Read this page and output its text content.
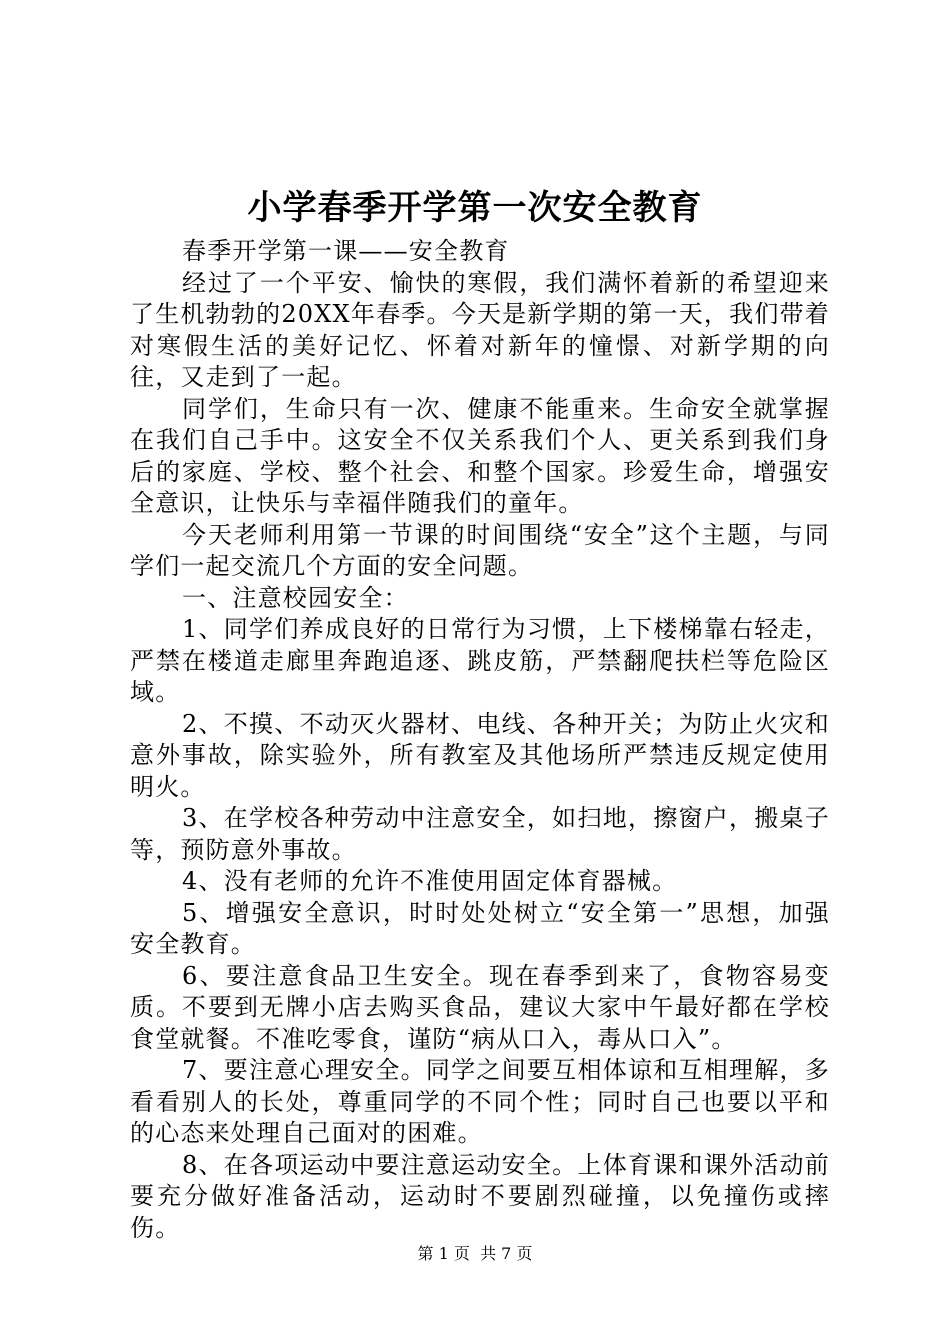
小学春季开学第一次安全教育

春季开学第一课——安全教育

经过了一个平安、愉快的寒假，我们满怀着新的希望迎来了生机勃勃的20XX年春季。今天是新学期的第一天，我们带着对寒假生活的美好记忆、怀着对新年的憧憬、对新学期的向往，又走到了一起。

同学们，生命只有一次、健康不能重来。生命安全就掌握在我们自己手中。这安全不仅关系我们个人、更关系到我们身后的家庭、学校、整个社会、和整个国家。珍爱生命，增强安全意识，让快乐与幸福伴随我们的童年。

今天老师利用第一节课的时间围绕“安全”这个主题，与同学们一起交流几个方面的安全问题。

一、注意校园安全：

1、同学们养成良好的日常行为习惯，上下楼梯靠右轻走，严禁在楼道走廊里奔跑追逐、跳皮筋，严禁翻爬扶栏等危险区域。

2、不摸、不动灭火器材、电线、各种开关；为防止火灾和意外事故，除实验外，所有教室及其他场所严禁违反规定使用明火。

3、在学校各种劳动中注意安全，如扫地，擦窗户，搬桌子等，预防意外事故。

4、没有老师的允许不准使用固定体育器械。

5、增强安全意识，时时处处树立“安全第一”思想，加强安全教育。

6、要注意食品卫生安全。现在春季到来了，食物容易变质。不要到无牌小店去购买食品，建议大家中午最好都在学校食堂就餐。不准吃零食，谨防“病从口入，毒从口入”。

7、要注意心理安全。同学之间要互相体谅和互相理解，多看看别人的长处，尊重同学的不同个性；同时自己也要以平和的心态来处理自己面对的困难。

8、在各项运动中要注意运动安全。上体育课和课外活动前要充分做好准备活动，运动时不要剧烈碰撞，以免撞伤或摔伤。

第 1 页 共 7 页
